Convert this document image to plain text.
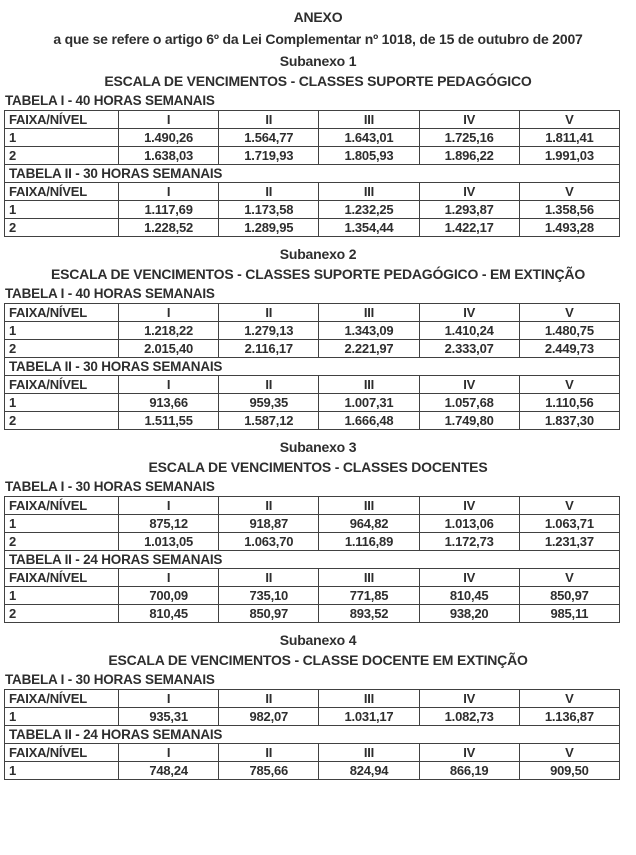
ANEXO
a que se refere o artigo 6º da Lei Complementar nº 1018, de 15 de outubro de 2007
Subanexo 1
ESCALA DE VENCIMENTOS - CLASSES SUPORTE PEDAGÓGICO
TABELA I - 40 HORAS SEMANAIS
FAIXA/NÍVEL	I	II	III	IV	V
1	1.490,26	1.564,77	1.643,01	1.725,16	1.811,41
2	1.638,03	1.719,93	1.805,93	1.896,22	1.991,03
TABELA II - 30 HORAS SEMANAIS					
FAIXA/NÍVEL	I	II	III	IV	V
1	1.117,69	1.173,58	1.232,25	1.293,87	1.358,56
2	1.228,52	1.289,95	1.354,44	1.422,17	1.493,28
Subanexo 2
ESCALA DE VENCIMENTOS - CLASSES SUPORTE PEDAGÓGICO - EM EXTINÇÃO
TABELA I - 40 HORAS SEMANAIS
FAIXA/NÍVEL	I	II	III	IV	V
1	1.218,22	1.279,13	1.343,09	1.410,24	1.480,75
2	2.015,40	2.116,17	2.221,97	2.333,07	2.449,73
TABELA II - 30 HORAS SEMANAIS					
FAIXA/NÍVEL	I	II	III	IV	V
1	913,66	959,35	1.007,31	1.057,68	1.110,56
2	1.511,55	1.587,12	1.666,48	1.749,80	1.837,30
Subanexo 3
ESCALA DE VENCIMENTOS - CLASSES DOCENTES
TABELA I - 30 HORAS SEMANAIS
FAIXA/NÍVEL	I	II	III	IV	V
1	875,12	918,87	964,82	1.013,06	1.063,71
2	1.013,05	1.063,70	1.116,89	1.172,73	1.231,37
TABELA II - 24 HORAS SEMANAIS					
FAIXA/NÍVEL	I	II	III	IV	V
1	700,09	735,10	771,85	810,45	850,97
2	810,45	850,97	893,52	938,20	985,11
Subanexo 4
ESCALA DE VENCIMENTOS - CLASSE DOCENTE EM EXTINÇÃO
TABELA I - 30 HORAS SEMANAIS
FAIXA/NÍVEL	I	II	III	IV	V
1	935,31	982,07	1.031,17	1.082,73	1.136,87
TABELA II - 24 HORAS SEMANAIS					
FAIXA/NÍVEL	I	II	III	IV	V
1	748,24	785,66	824,94	866,19	909,50
